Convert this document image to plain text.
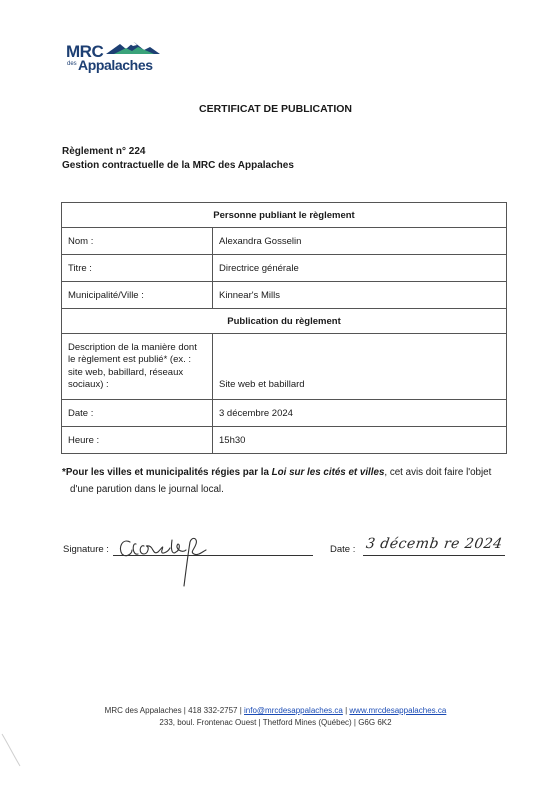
MRC
des Appalaches
CERTIFICAT DE PUBLICATION
Règlement n° 224
Gestion contractuelle de la MRC des Appalaches
Personne publiant le règlement	
Nom :	Alexandra Gosselin
Titre :	Directrice générale
Municipalité/Ville :	Kinnear's Mills
Publication du règlement	
Description de la manière dont le règlement est publié* (ex. : site web, babillard, réseaux sociaux) :	Site web et babillard
Date :	3 décembre 2024
Heure :	15h30
*Pour les villes et municipalités régies par la Loi sur les cités et villes, cet avis doit faire l'objet
d'une parution dans le journal local.
Signature :	Date : 3 décemb re 2024
MRC des Appalaches | 418 332-2757 | info@mrcdesappalaches.ca | www.mrcdesappalaches.ca
233, boul. Frontenac Ouest | Thetford Mines (Québec) | G6G 6K2
